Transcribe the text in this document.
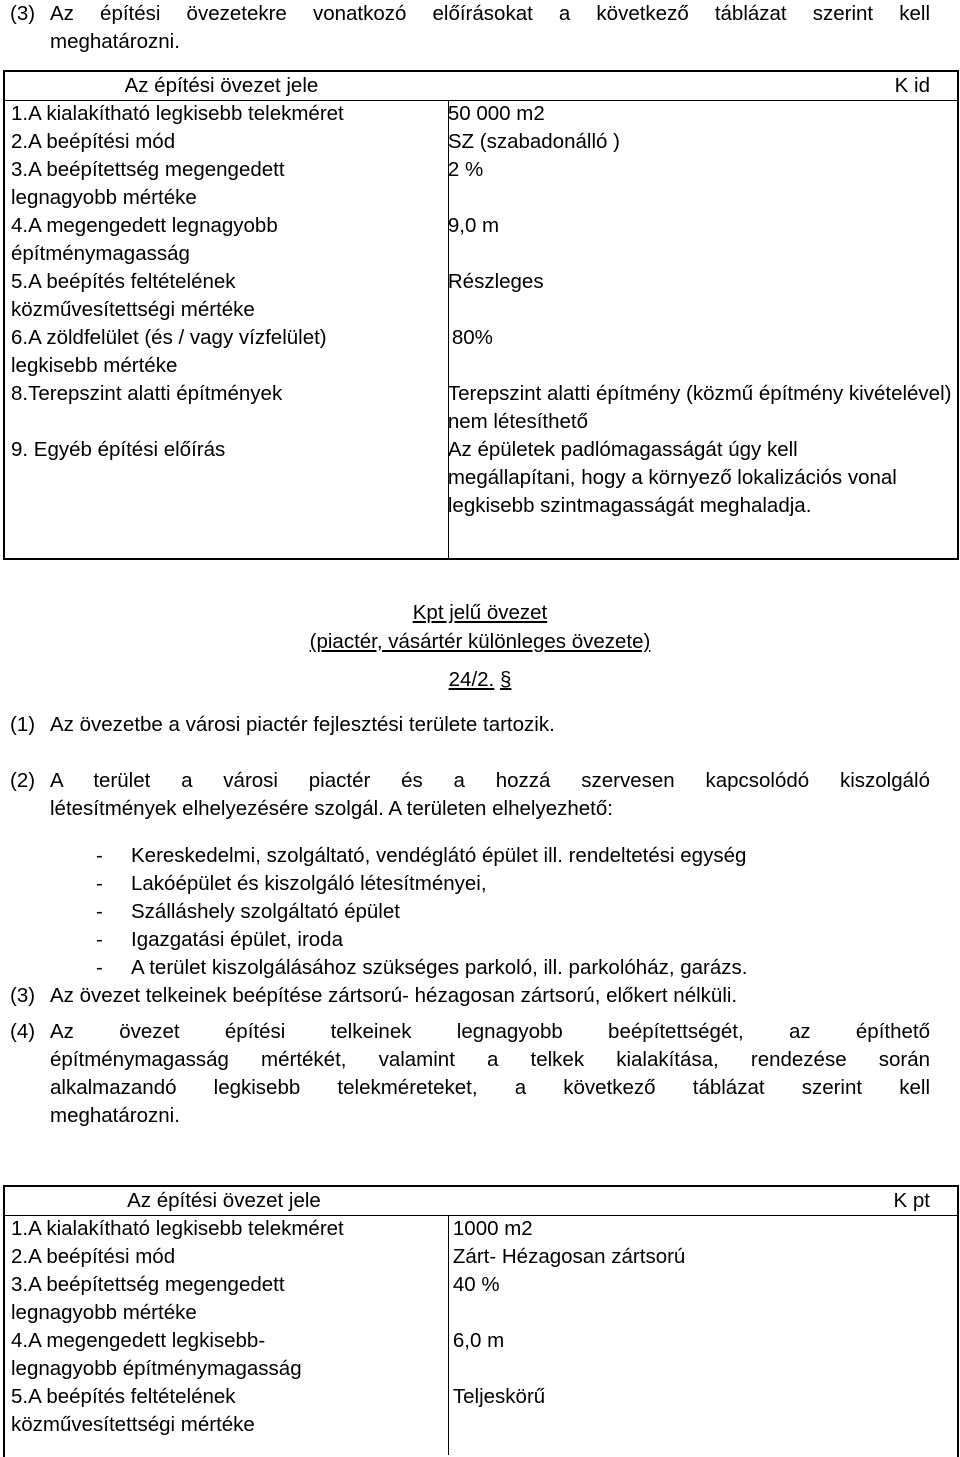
(3) Az építési övezetekre vonatkozó előírásokat a következő táblázat szerint kell
meghatározni.
Az építési övezet jele	K id
1.A kialakítható legkisebb telekméret	50 000 m2
2.A beépítési mód	SZ (szabadonálló )

3.A beépítettség megengedett legnagyobb mértéke	2 %

4.A megengedett legnagyobb építménymagasság	9,0 m

5.A beépítés feltételének közművesítettségi mértéke	Részleges

6.A zöldfelület (és / vagy vízfelület) legkisebb mértéke	80%
8.Terepszint alatti építmények	Terepszint alatti építmény (közmű építmény kivételével) nem létesíthető
9. Egyéb építési előírás	Az épületek padlómagasságát úgy kell megállapítani, hogy a környező lokalizációs vonal legkisebb szintmagasságát meghaladja.
Kpt jelű övezet
(piactér, vásártér különleges övezete)
24/2. §
(1) Az övezetbe a városi piactér fejlesztési területe tartozik.
(2) A terület a városi piactér és a hozzá szervesen kapcsolódó kiszolgáló
létesítmények elhelyezésére szolgál. A területen elhelyezhető:
- Kereskedelmi, szolgáltató, vendéglátó épület ill. rendeltetési egység
- Lakóépület és kiszolgáló létesítményei,
- Szálláshely szolgáltató épület
- Igazgatási épület, iroda
- A terület kiszolgálásához szükséges parkoló, ill. parkolóház, garázs.
(3) Az övezet telkeinek beépítése zártsorú- hézagosan zártsorú, előkert nélküli.
(4) Az övezet építési telkeinek legnagyobb beépítettségét, az építhető
építménymagasság mértékét, valamint a telkek kialakítása, rendezése során
alkalmazandó legkisebb telekméreteket, a következő táblázat szerint kell
meghatározni.
Az építési övezet jele	K pt
1.A kialakítható legkisebb telekméret	1000 m2
2.A beépítési mód	Zárt- Hézagosan zártsorú

3.A beépítettség megengedett legnagyobb mértéke	40 %

4.A megengedett legkisebb-legnagyobb építménymagasság	6,0 m

5.A beépítés feltételének közművesítettségi mértéke	Teljeskörű
